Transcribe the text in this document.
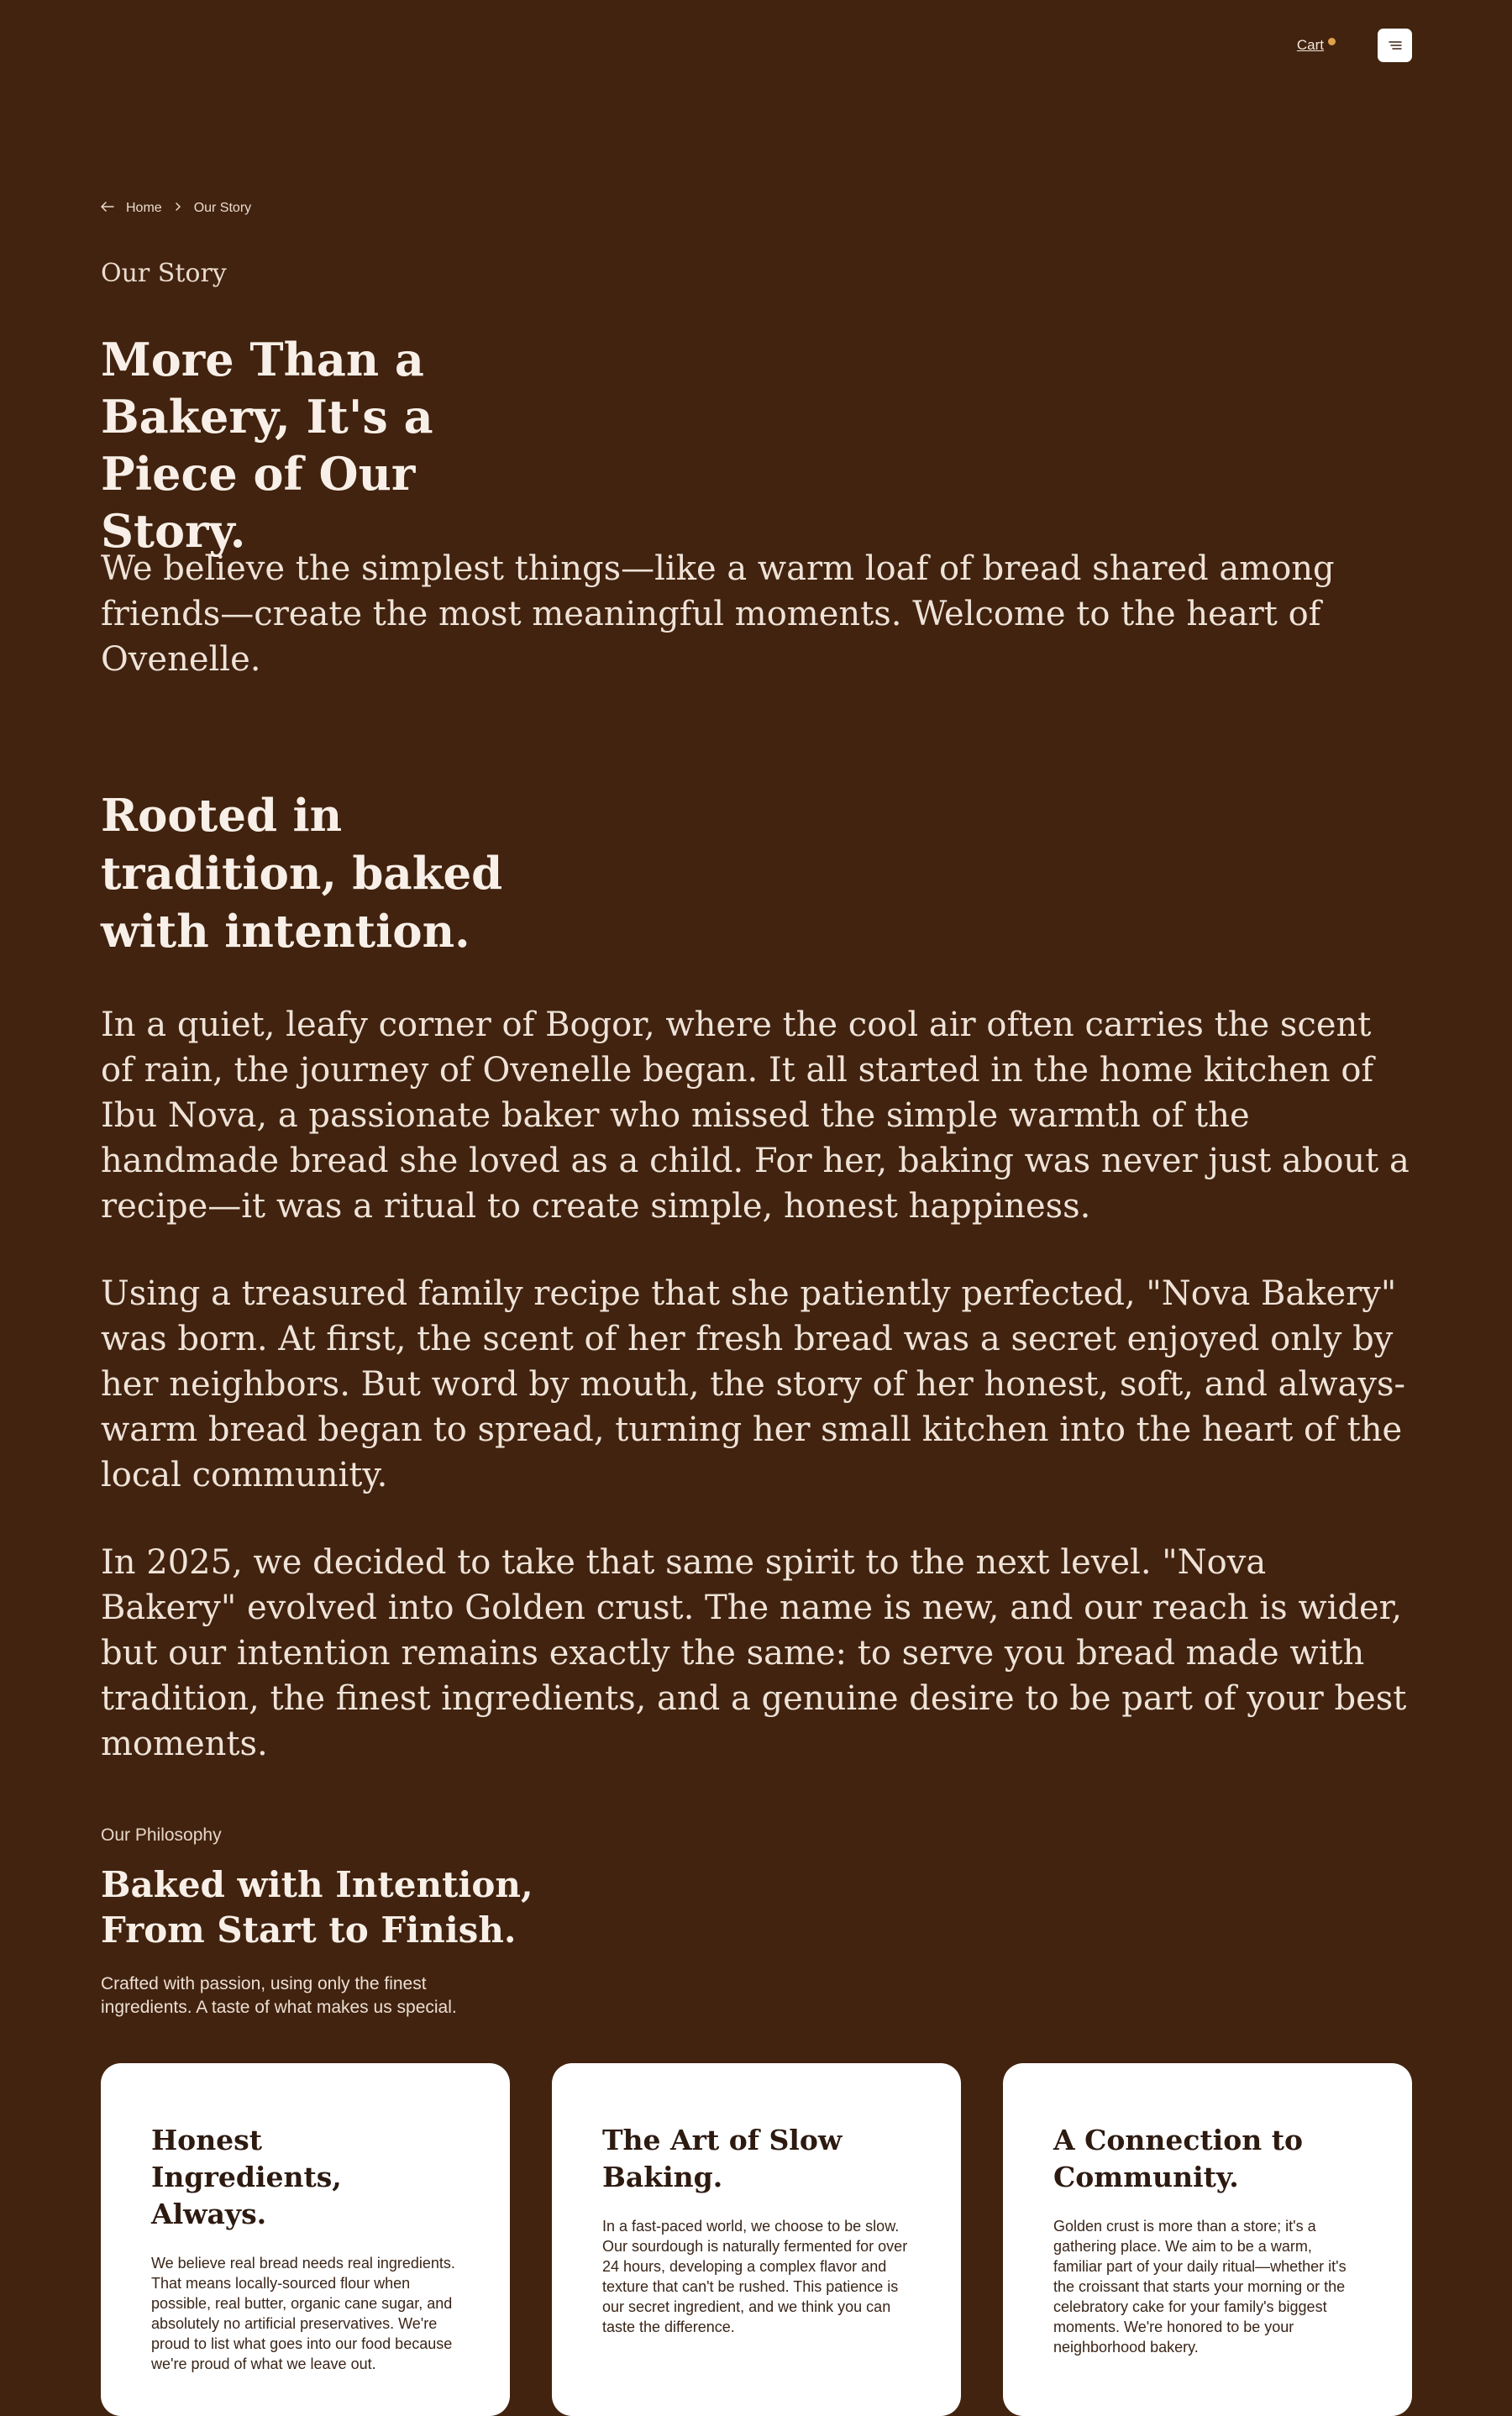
Cart
Home Our Story
Our Story
More Than a Bakery, It's a Piece of Our Story.

We believe the simplest things—like a warm loaf of bread shared among friends—create the most meaningful moments. Welcome to the heart of Ovenelle.

Rooted in tradition, baked with intention.

In a quiet, leafy corner of Bogor, where the cool air often carries the scent of rain, the journey of Ovenelle began. It all started in the home kitchen of Ibu Nova, a passionate baker who missed the simple warmth of the handmade bread she loved as a child. For her, baking was never just about a recipe—it was a ritual to create simple, honest happiness.

Using a treasured family recipe that she patiently perfected, "Nova Bakery" was born. At first, the scent of her fresh bread was a secret enjoyed only by her neighbors. But word by mouth, the story of her honest, soft, and always-warm bread began to spread, turning her small kitchen into the heart of the local community.

In 2025, we decided to take that same spirit to the next level. "Nova Bakery" evolved into Golden crust. The name is new, and our reach is wider, but our intention remains exactly the same: to serve you bread made with tradition, the finest ingredients, and a genuine desire to be part of your best moments.

Our Philosophy
Baked with Intention, From Start to Finish.

Crafted with passion, using only the finest ingredients. A taste of what makes us special.

Honest Ingredients, Always.

We believe real bread needs real ingredients. That means locally-sourced flour when possible, real butter, organic cane sugar, and absolutely no artificial preservatives. We're proud to list what goes into our food because we're proud of what we leave out.

The Art of Slow Baking.

In a fast-paced world, we choose to be slow. Our sourdough is naturally fermented for over 24 hours, developing a complex flavor and texture that can't be rushed. This patience is our secret ingredient, and we think you can taste the difference.

A Connection to Community.

Golden crust is more than a store; it's a gathering place. We aim to be a warm, familiar part of your daily ritual—whether it's the croissant that starts your morning or the celebratory cake for your family's biggest moments. We're honored to be your neighborhood bakery.
